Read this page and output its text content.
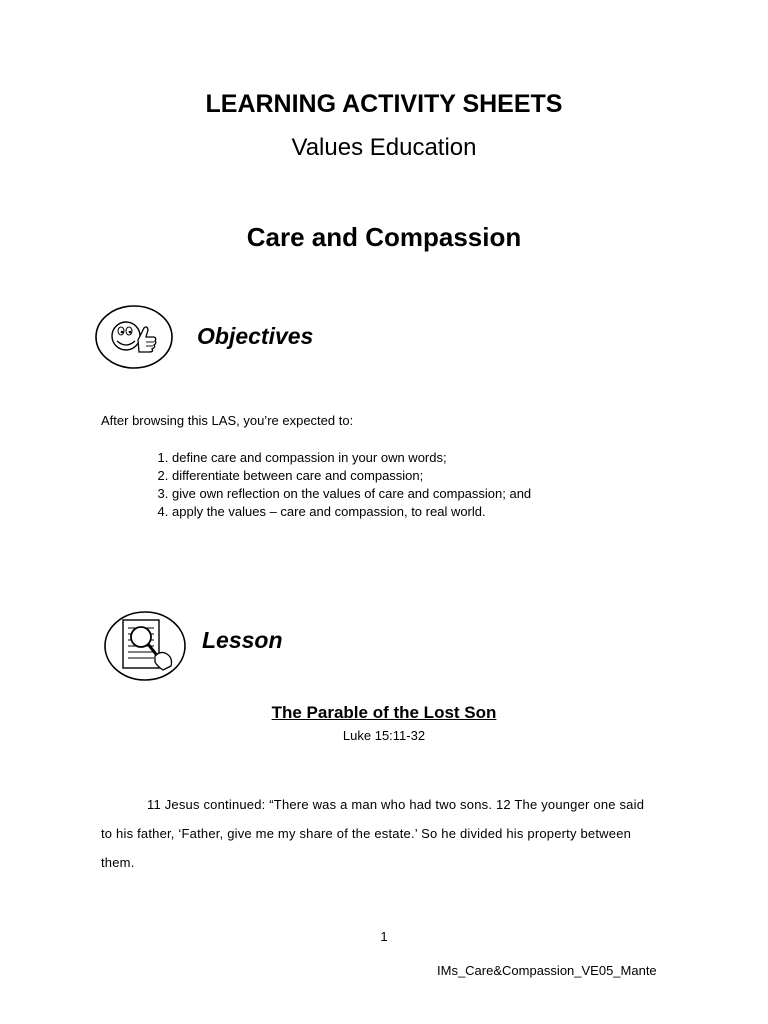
LEARNING ACTIVITY SHEETS
Values Education
Care and Compassion
Objectives
After browsing this LAS, you’re expected to:
1. define care and compassion in your own words;
2. differentiate between care and compassion;
3. give own reflection on the values of care and compassion; and
4. apply the values – care and compassion, to real world.
Lesson
The Parable of the Lost Son
Luke 15:11-32
11 Jesus continued: “There was a man who had two sons. 12 The younger one said
to his father, ‘Father, give me my share of the estate.’ So he divided his property between
them.
1
IMs_Care&Compassion_VE05_Mante
